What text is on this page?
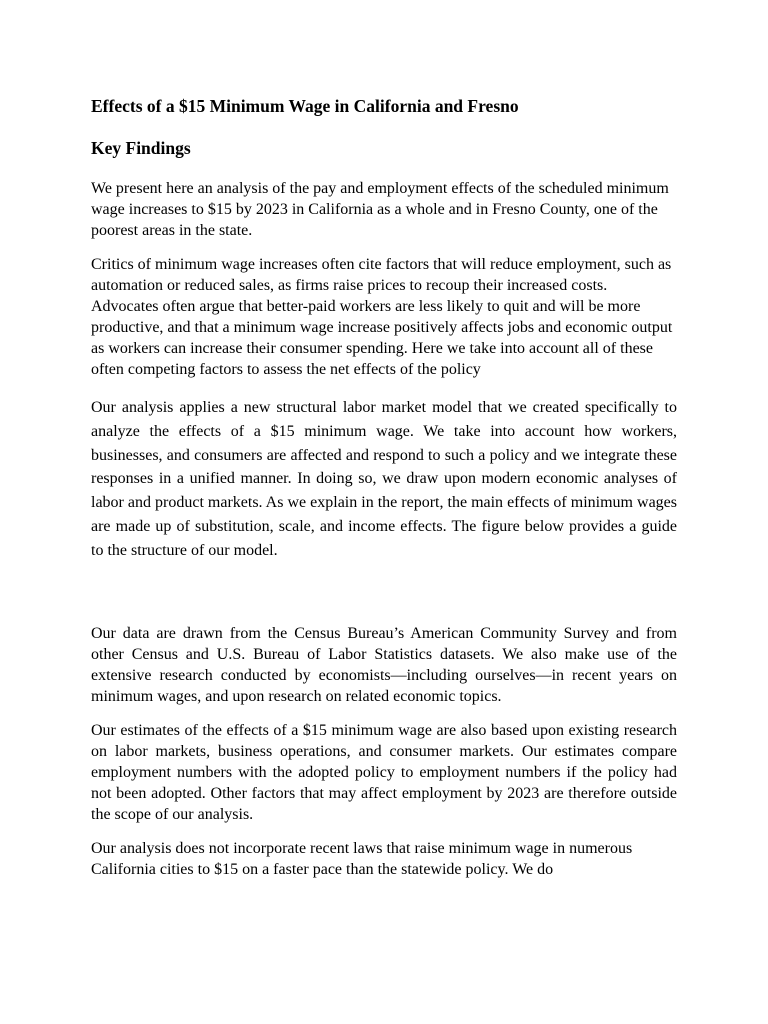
Effects of a $15 Minimum Wage in California and Fresno
Key Findings

We present here an analysis of the pay and employment effects of the scheduled minimum wage increases to $15 by 2023 in California as a whole and in Fresno County, one of the poorest areas in the state.

Critics of minimum wage increases often cite factors that will reduce employment, such as automation or reduced sales, as firms raise prices to recoup their increased costs. Advocates often argue that better-paid workers are less likely to quit and will be more productive, and that a minimum wage increase positively affects jobs and economic output as workers can increase their consumer spending. Here we take into account all of these often competing factors to assess the net effects of the policy

Our analysis applies a new structural labor market model that we created specifically to analyze the effects of a $15 minimum wage. We take into account how workers, businesses, and consumers are affected and respond to such a policy and we integrate these responses in a unified manner. In doing so, we draw upon modern economic analyses of labor and product markets. As we explain in the report, the main effects of minimum wages are made up of substitution, scale, and income effects. The figure below provides a guide to the structure of our model.

Our data are drawn from the Census Bureau’s American Community Survey and from other Census and U.S. Bureau of Labor Statistics datasets. We also make use of the extensive research conducted by economists—including ourselves—in recent years on minimum wages, and upon research on related economic topics.

Our estimates of the effects of a $15 minimum wage are also based upon existing research on labor markets, business operations, and consumer markets. Our estimates compare employment numbers with the adopted policy to employment numbers if the policy had not been adopted. Other factors that may affect employment by 2023 are therefore outside the scope of our analysis.

Our analysis does not incorporate recent laws that raise minimum wage in numerous California cities to $15 on a faster pace than the statewide policy. We do
